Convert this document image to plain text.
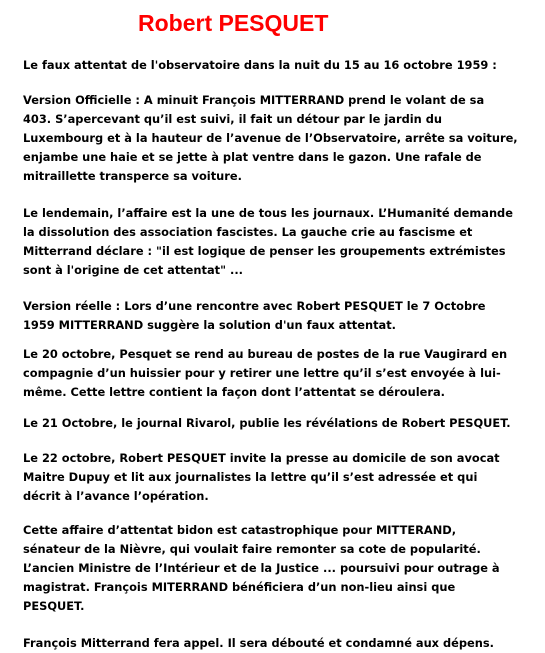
Robert PESQUET

Le faux attentat de l'observatoire dans la nuit du 15 au 16 octobre 1959 :

Version Officielle : A minuit François MITTERRAND prend le volant de sa
403. S’apercevant qu’il est suivi, il fait un détour par le jardin du
Luxembourg et à la hauteur de l’avenue de l’Observatoire, arrête sa voiture,
enjambe une haie et se jette à plat ventre dans le gazon. Une rafale de
mitraillette transperce sa voiture.

Le lendemain, l’affaire est la une de tous les journaux. L’Humanité demande
la dissolution des association fascistes. La gauche crie au fascisme et
Mitterrand déclare : "il est logique de penser les groupements extrémistes
sont à l'origine de cet attentat" ...

Version réelle : Lors d’une rencontre avec Robert PESQUET le 7 Octobre
1959 MITTERRAND suggère la solution d'un faux attentat.

Le 20 octobre, Pesquet se rend au bureau de postes de la rue Vaugirard en
compagnie d’un huissier pour y retirer une lettre qu’il s’est envoyée à lui-
même. Cette lettre contient la façon dont l’attentat se déroulera.

Le 21 Octobre, le journal Rivarol, publie les révélations de Robert PESQUET.

Le 22 octobre, Robert PESQUET invite la presse au domicile de son avocat
Maitre Dupuy et lit aux journalistes la lettre qu’il s’est adressée et qui
décrit à l’avance l’opération.

Cette affaire d’attentat bidon est catastrophique pour MITTERAND,
sénateur de la Nièvre, qui voulait faire remonter sa cote de popularité.
L’ancien Ministre de l’Intérieur et de la Justice ... poursuivi pour outrage à
magistrat. François MITERRAND bénéficiera d’un non-lieu ainsi que
PESQUET.

François Mitterrand fera appel. Il sera débouté et condamné aux dépens.
